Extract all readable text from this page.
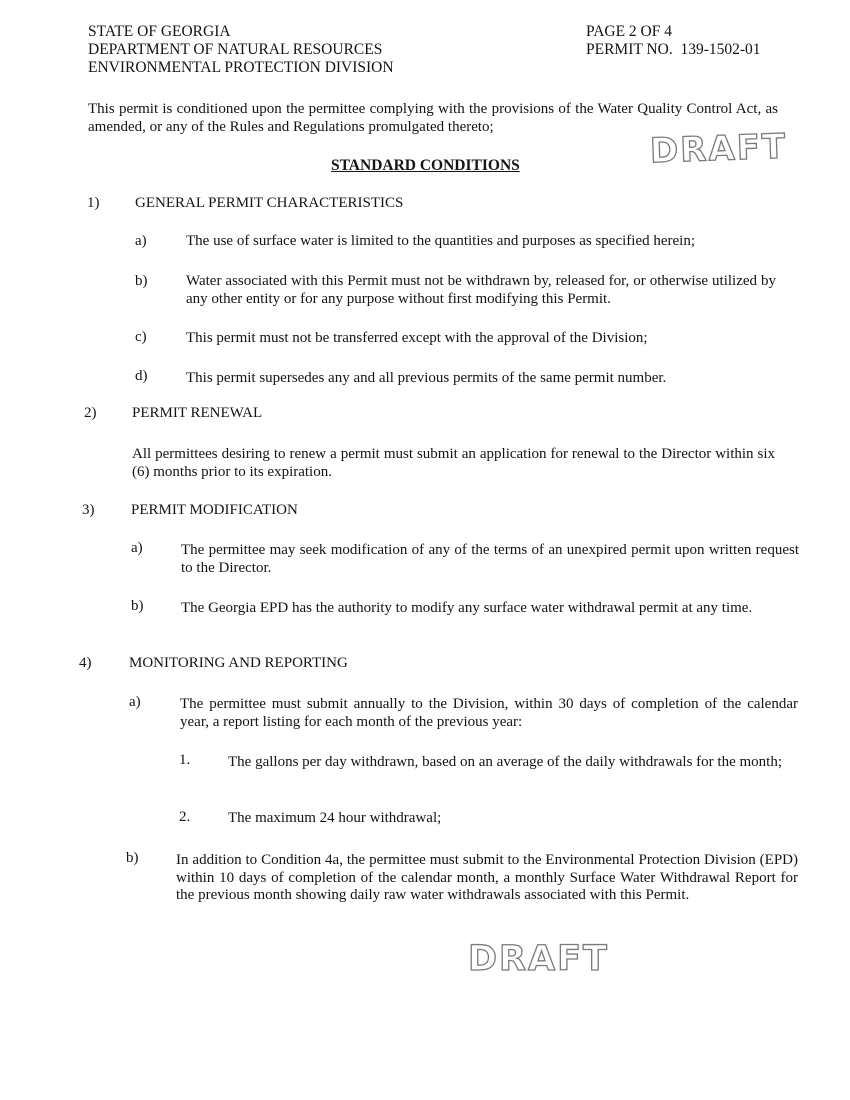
STATE OF GEORGIA
DEPARTMENT OF NATURAL RESOURCES
ENVIRONMENTAL PROTECTION DIVISION
PAGE 2 OF 4
PERMIT NO.  139-1502-01
This permit is conditioned upon the permittee complying with the provisions of the Water Quality Control Act, as amended, or any of the Rules and Regulations promulgated thereto;
STANDARD CONDITIONS	DRAFT
1) GENERAL PERMIT CHARACTERISTICS
a)	The use of surface water is limited to the quantities and purposes as specified herein;
b)	Water associated with this Permit must not be withdrawn by, released for, or otherwise utilized by any other entity or for any purpose without first modifying this Permit.
c)	This permit must not be transferred except with the approval of the Division;
d)	This permit supersedes any and all previous permits of the same permit number.
2) PERMIT RENEWAL
All permittees desiring to renew a permit must submit an application for renewal to the Director within six (6) months prior to its expiration.
3) PERMIT MODIFICATION
a)	The permittee may seek modification of any of the terms of an unexpired permit upon written request to the Director.
b)	The Georgia EPD has the authority to modify any surface water withdrawal permit at any time.
4)	MONITORING AND REPORTING
a)	The permittee must submit annually to the Division, within 30 days of completion of the calendar year, a report listing for each month of the previous year:
1.	The gallons per day withdrawn, based on an average of the daily withdrawals for the month;
2.	The maximum 24 hour withdrawal;
b)	In addition to Condition 4a, the permittee must submit to the Environmental Protection Division (EPD) within 10 days of completion of the calendar month, a monthly Surface Water Withdrawal Report for the previous month showing daily raw water withdrawals associated with this Permit.
DRAFT
